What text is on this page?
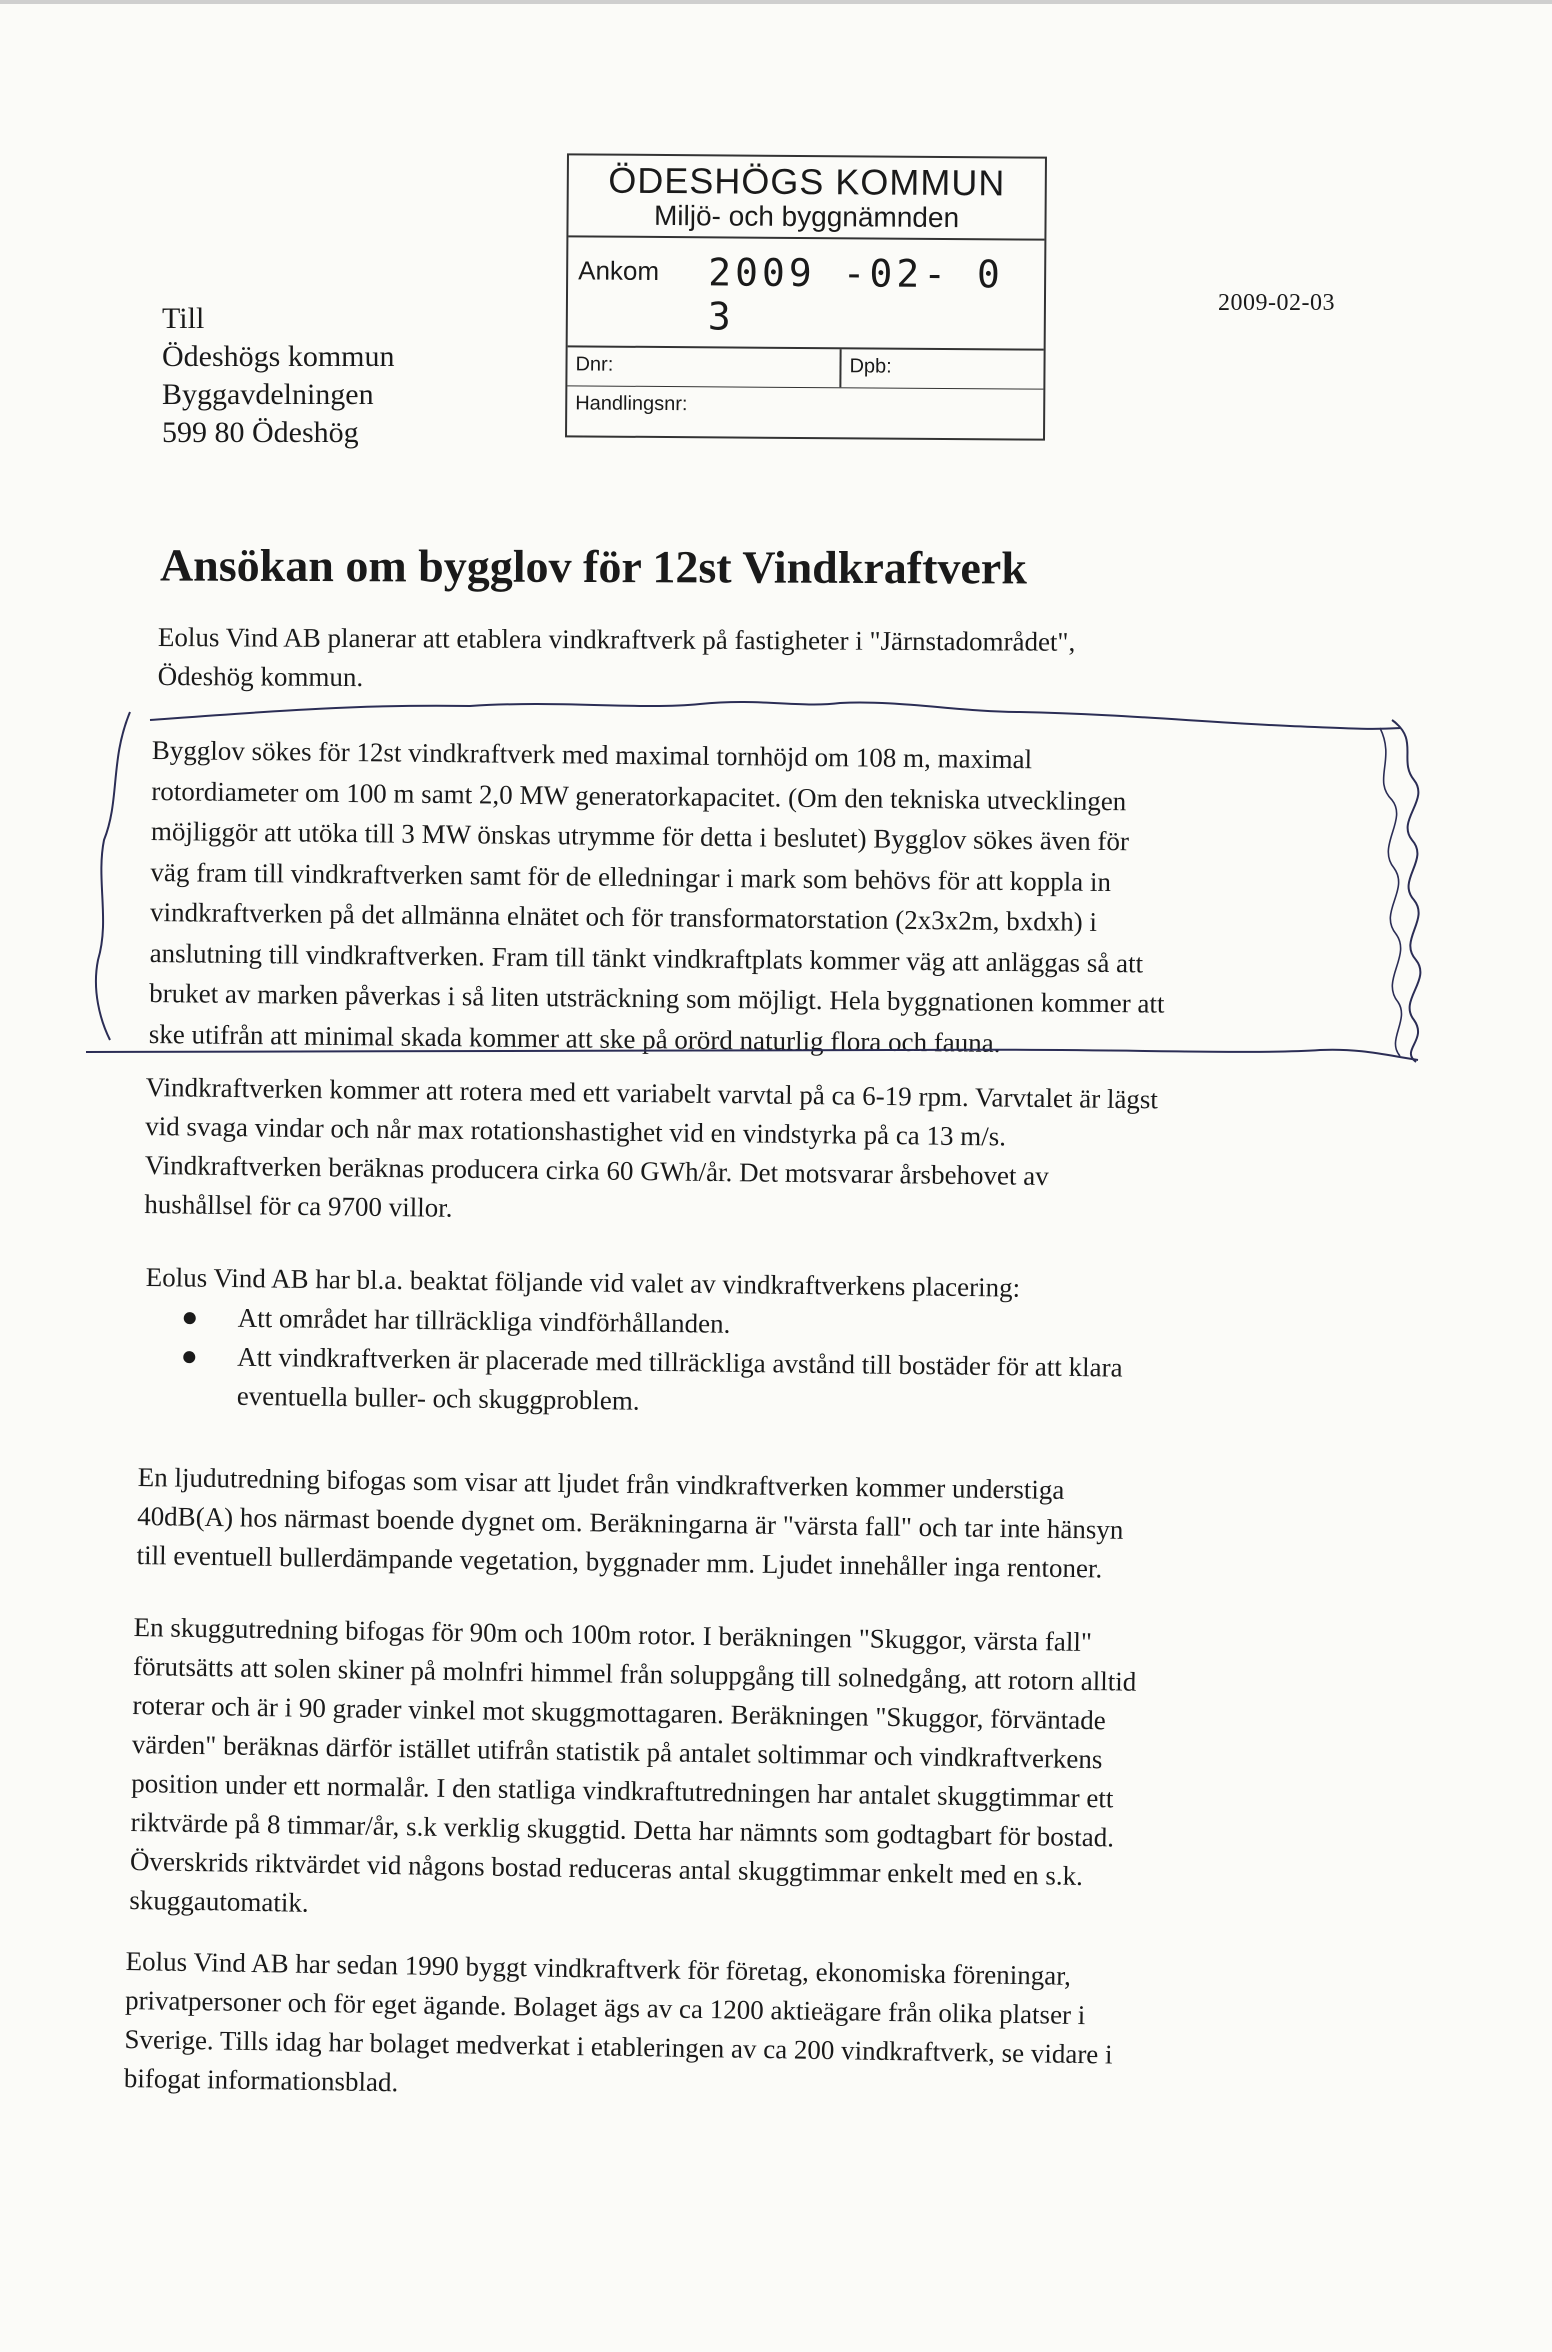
ÖDESHÖGS KOMMUN
Miljö- och byggnämnden
Ankom 2009 -02- 0 3
Dnr:	Dpb:
Handlingsnr:
2009-02-03
Till
Ödeshögs kommun
Byggavdelningen
599 80 Ödeshög
Ansökan om bygglov för 12st Vindkraftverk

Eolus Vind AB planerar att etablera vindkraftverk på fastigheter i "Järnstadområdet",
Ödeshög kommun.

Bygglov sökes för 12st vindkraftverk med maximal tornhöjd om 108 m, maximal
rotordiameter om 100 m samt 2,0 MW generatorkapacitet. (Om den tekniska utvecklingen
möjliggör att utöka till 3 MW önskas utrymme för detta i beslutet) Bygglov sökes även för
väg fram till vindkraftverken samt för de elledningar i mark som behövs för att koppla in
vindkraftverken på det allmänna elnätet och för transformatorstation (2x3x2m, bxdxh) i
anslutning till vindkraftverken. Fram till tänkt vindkraftplats kommer väg att anläggas så att
bruket av marken påverkas i så liten utsträckning som möjligt. Hela byggnationen kommer att
ske utifrån att minimal skada kommer att ske på orörd naturlig flora och fauna.

Vindkraftverken kommer att rotera med ett variabelt varvtal på ca 6-19 rpm. Varvtalet är lägst
vid svaga vindar och når max rotationshastighet vid en vindstyrka på ca 13 m/s.
Vindkraftverken beräknas producera cirka 60 GWh/år. Det motsvarar årsbehovet av
hushållsel för ca 9700 villor.

Eolus Vind AB har bl.a. beaktat följande vid valet av vindkraftverkens placering:

Att området har tillräckliga vindförhållanden.
Att vindkraftverken är placerade med tillräckliga avstånd till bostäder för att klara
eventuella buller- och skuggproblem.

En ljudutredning bifogas som visar att ljudet från vindkraftverken kommer understiga
40dB(A) hos närmast boende dygnet om. Beräkningarna är "värsta fall" och tar inte hänsyn
till eventuell bullerdämpande vegetation, byggnader mm. Ljudet innehåller inga rentoner.

En skuggutredning bifogas för 90m och 100m rotor. I beräkningen "Skuggor, värsta fall"
förutsätts att solen skiner på molnfri himmel från soluppgång till solnedgång, att rotorn alltid
roterar och är i 90 grader vinkel mot skuggmottagaren. Beräkningen "Skuggor, förväntade
värden" beräknas därför istället utifrån statistik på antalet soltimmar och vindkraftverkens
position under ett normalår. I den statliga vindkraftutredningen har antalet skuggtimmar ett
riktvärde på 8 timmar/år, s.k verklig skuggtid. Detta har nämnts som godtagbart för bostad.
Överskrids riktvärdet vid någons bostad reduceras antal skuggtimmar enkelt med en s.k.
skuggautomatik.

Eolus Vind AB har sedan 1990 byggt vindkraftverk för företag, ekonomiska föreningar,
privatpersoner och för eget ägande. Bolaget ägs av ca 1200 aktieägare från olika platser i
Sverige. Tills idag har bolaget medverkat i etableringen av ca 200 vindkraftverk, se vidare i
bifogat informationsblad.
